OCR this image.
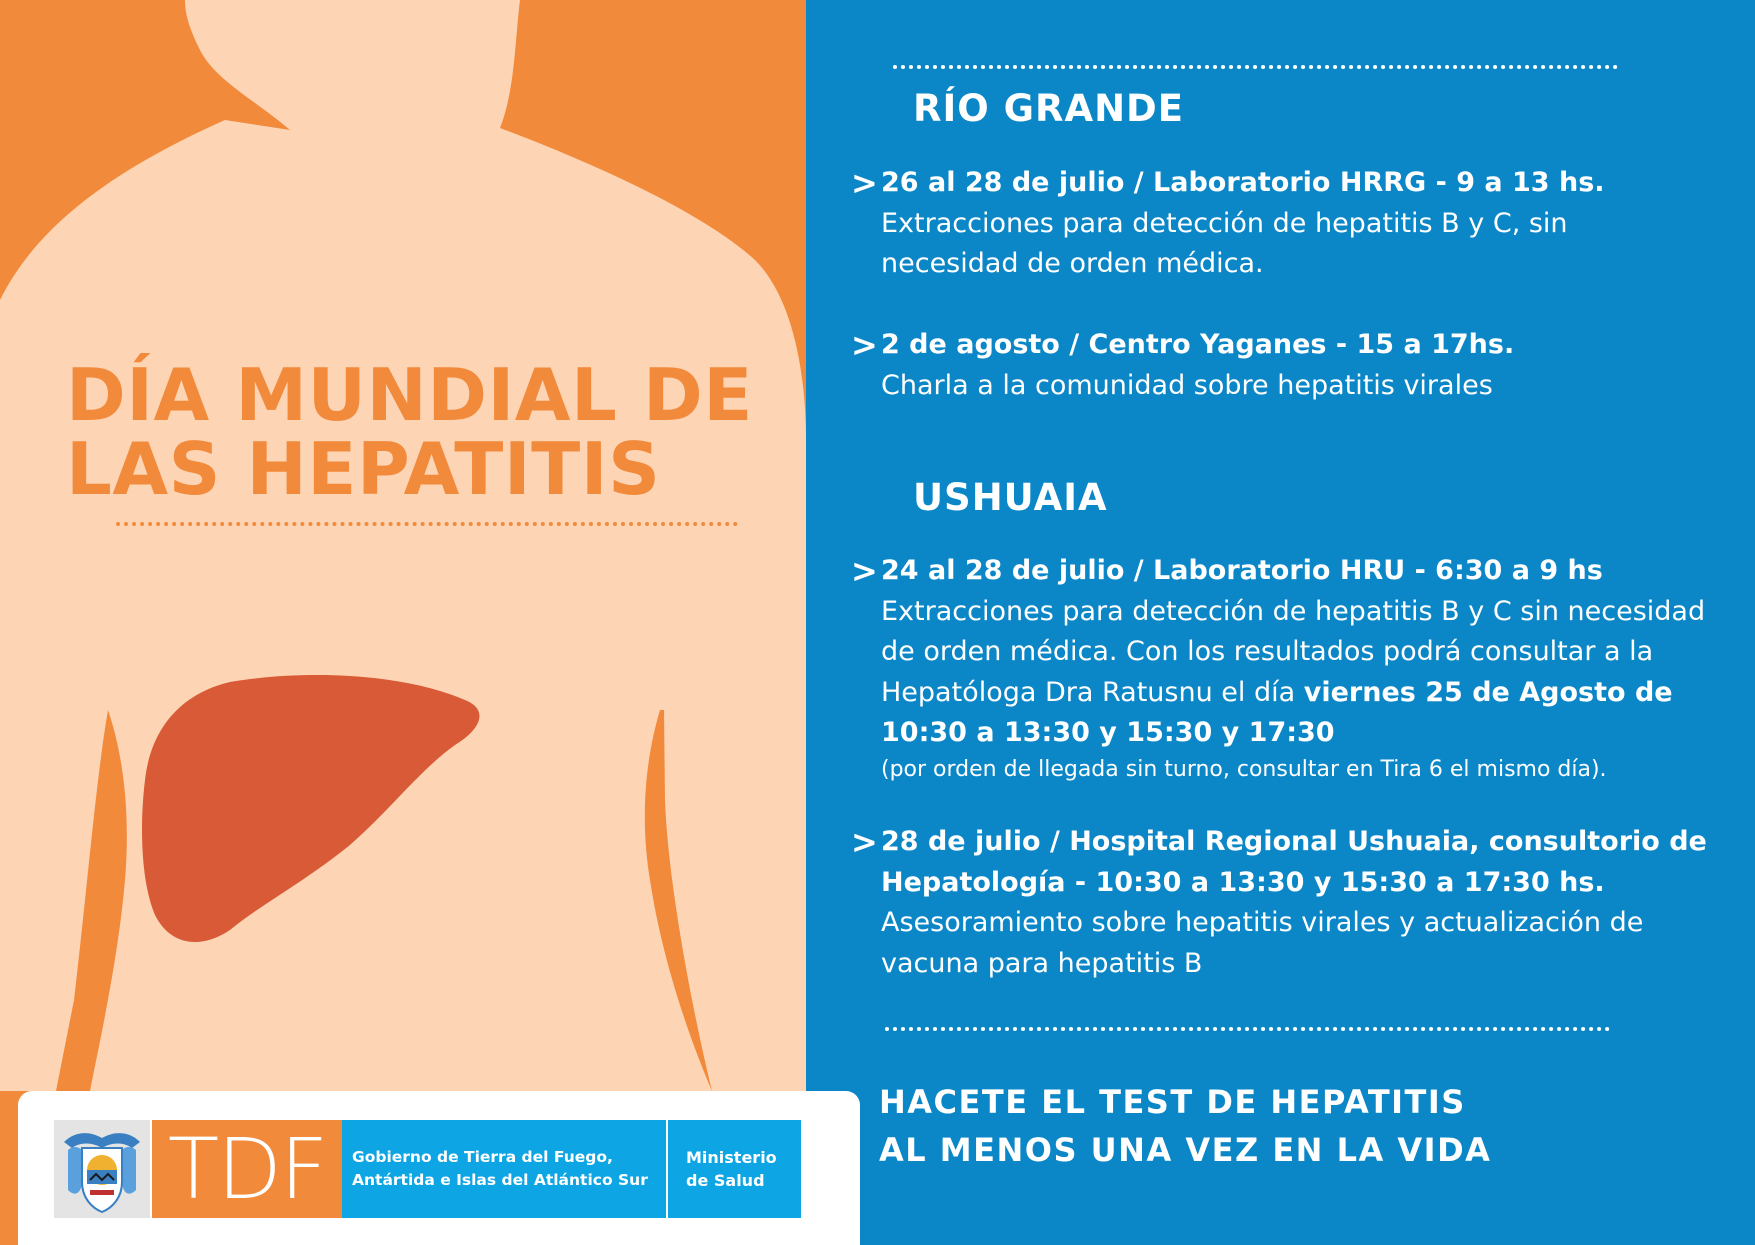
DÍA MUNDIAL DE
LAS HEPATITIS
RÍO GRANDE
> 26 al 28 de julio / Laboratorio HRRG - 9 a 13 hs.
Extracciones para detección de hepatitis B y C, sin necesidad de orden médica.
> 2 de agosto / Centro Yaganes - 15 a 17hs.
Charla a la comunidad sobre hepatitis virales
USHUAIA
> 24 al 28 de julio / Laboratorio HRU - 6:30 a 9 hs
Extracciones para detección de hepatitis B y C sin necesidad de orden médica. Con los resultados podrá consultar a la Hepatóloga Dra Ratusnu el día viernes 25 de Agosto de 10:30 a 13:30 y 15:30 y 17:30
(por orden de llegada sin turno, consultar en Tira 6 el mismo día).
> 28 de julio / Hospital Regional Ushuaia, consultorio de Hepatología - 10:30 a 13:30 y 15:30 a 17:30 hs.
Asesoramiento sobre hepatitis virales y actualización de vacuna para hepatitis B
HACETE EL TEST DE HEPATITIS
AL MENOS UNA VEZ EN LA VIDA
TDF Gobierno de Tierra del Fuego,
Antártida e Islas del Atlántico Sur
Ministerio
de Salud
